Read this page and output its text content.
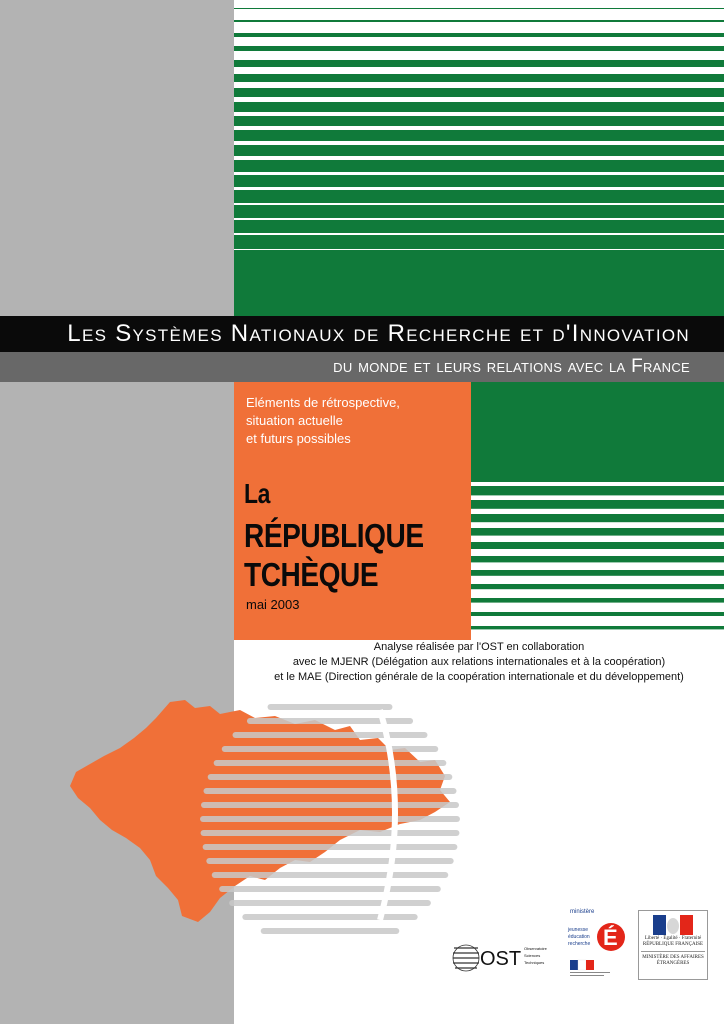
Les Systèmes Nationaux de Recherche et d'Innovation
du monde et leurs relations avec la France
Eléments de rétrospective,
situation actuelle
et futurs possibles
La
RÉPUBLIQUE
TCHÈQUE
mai 2003
Analyse réalisée par l'OST en collaboration
avec le MJENR (Délégation aux relations internationales et à la coopération)
et le MAE (Direction générale de la coopération internationale et du développement)
ministère
jeunesse
éducation
recherche É
OST Observatoire
Sciences
Techniques
Liberté · Égalité · Fraternité
RÉPUBLIQUE FRANÇAISE
MINISTÈRE DES AFFAIRES ÉTRANGÈRES
